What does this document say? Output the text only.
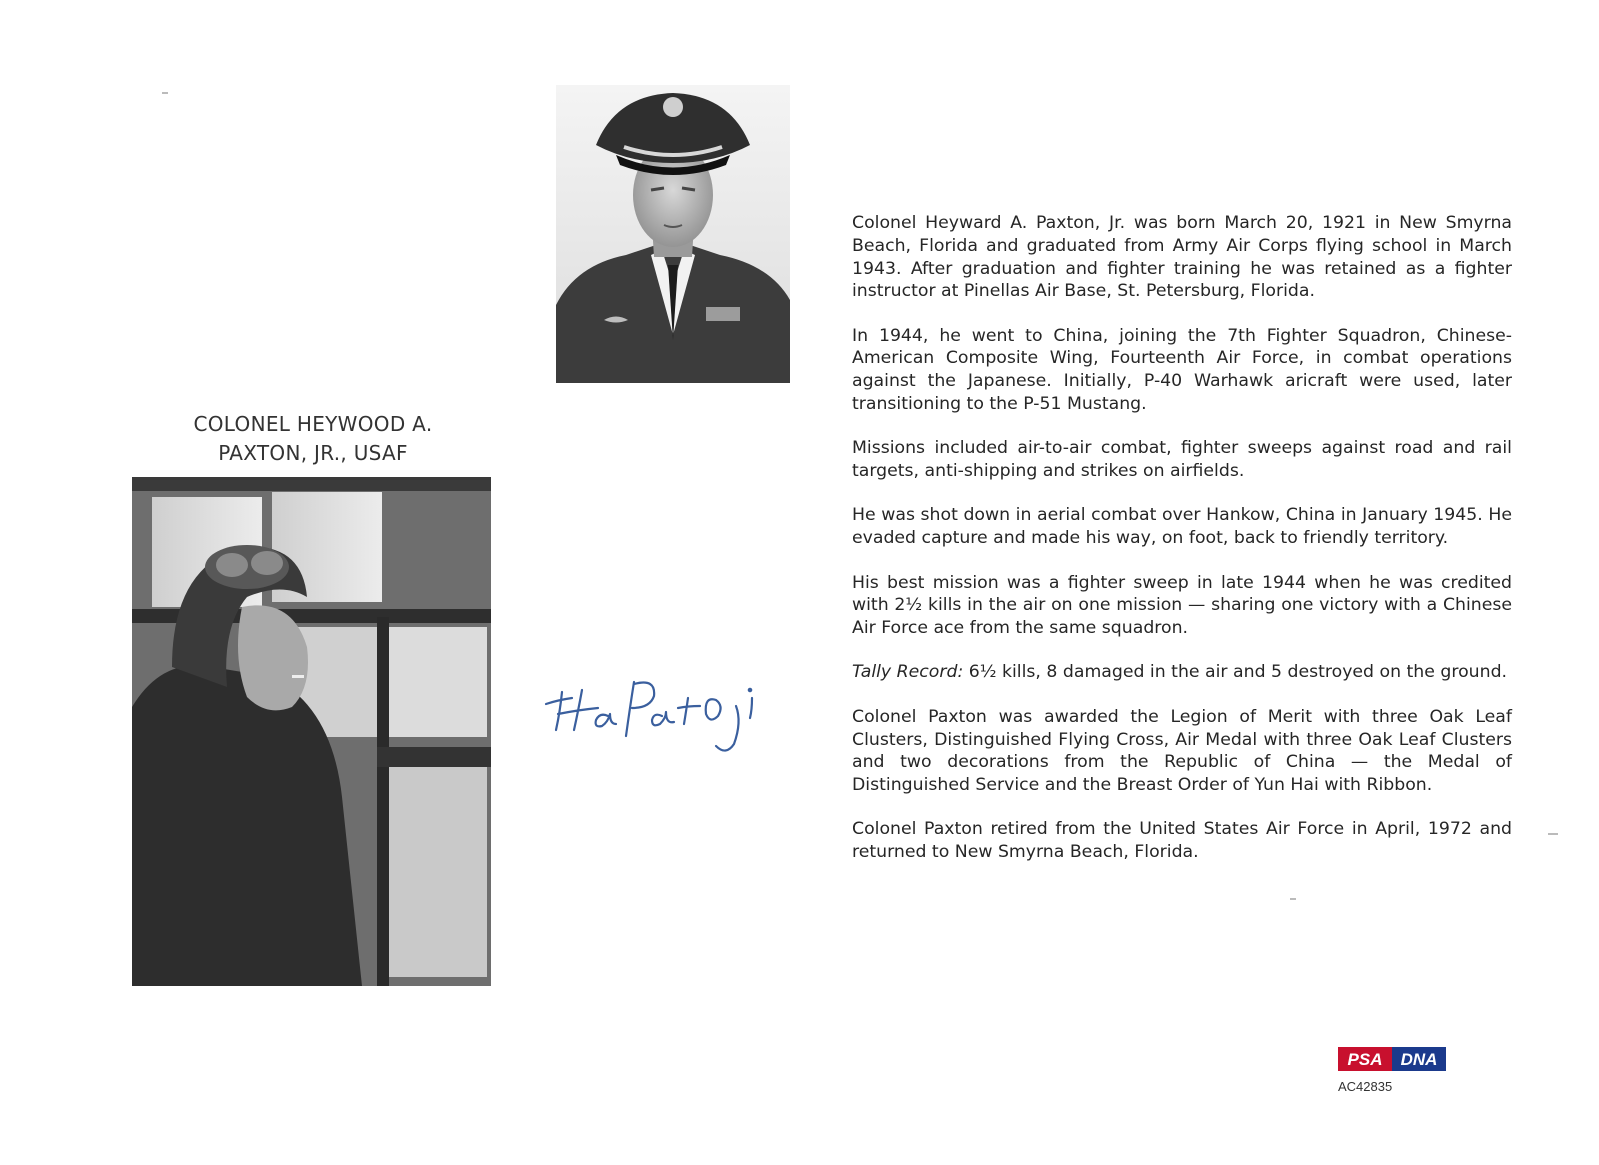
COLONEL HEYWOOD A.
PAXTON, JR., USAF

Colonel Heyward A. Paxton, Jr. was born March 20, 1921 in New Smyrna Beach, Florida and graduated from Army Air Corps flying school in March 1943. After graduation and fighter training he was retained as a fighter instructor at Pinellas Air Base, St. Petersburg, Florida.

In 1944, he went to China, joining the 7th Fighter Squadron, Chinese-American Composite Wing, Fourteenth Air Force, in combat operations against the Japanese. Initially, P-40 Warhawk aricraft were used, later transitioning to the P-51 Mustang.

Missions included air-to-air combat, fighter sweeps against road and rail targets, anti-shipping and strikes on airfields.

He was shot down in aerial combat over Hankow, China in January 1945. He evaded capture and made his way, on foot, back to friendly territory.

His best mission was a fighter sweep in late 1944 when he was credited with 2½ kills in the air on one mission — sharing one victory with a Chinese Air Force ace from the same squadron.

Tally Record: 6½ kills, 8 damaged in the air and 5 destroyed on the ground.

Colonel Paxton was awarded the Legion of Merit with three Oak Leaf Clusters, Distinguished Flying Cross, Air Medal with three Oak Leaf Clusters and two decorations from the Republic of China — the Medal of Distinguished Service and the Breast Order of Yun Hai with Ribbon.

Colonel Paxton retired from the United States Air Force in April, 1972 and returned to New Smyrna Beach, Florida.

PSA DNA
AC42835
